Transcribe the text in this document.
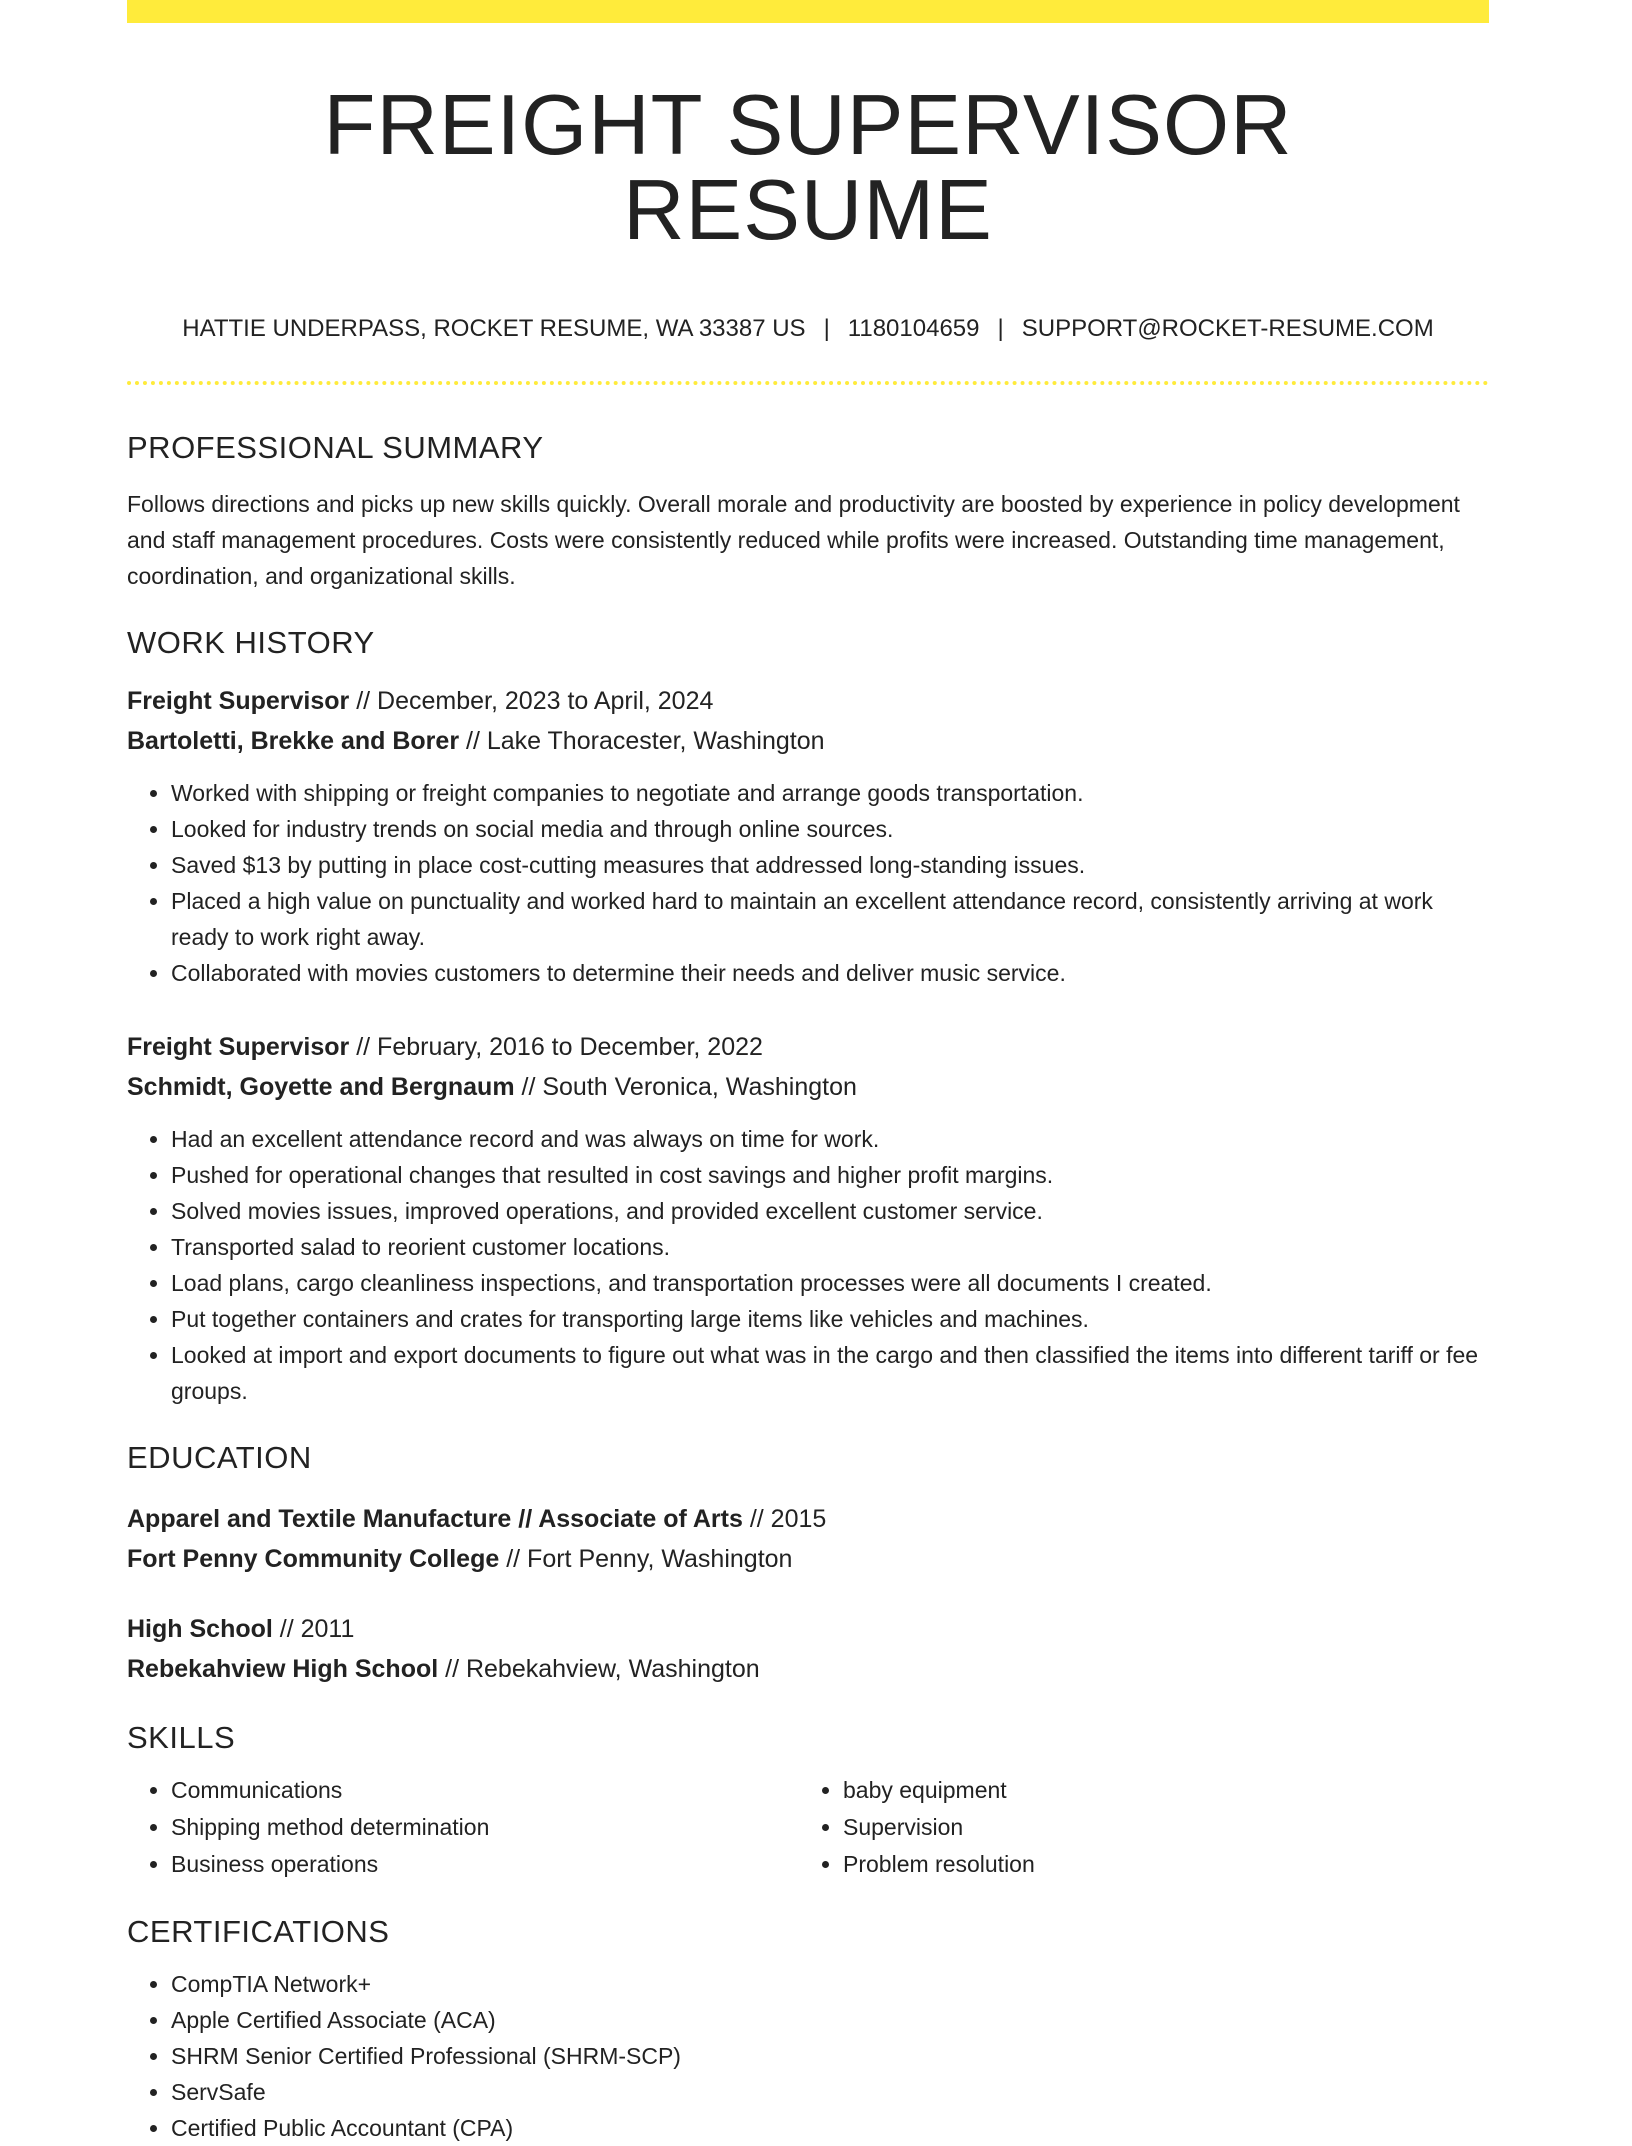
FREIGHT SUPERVISOR RESUME
HATTIE UNDERPASS, ROCKET RESUME, WA 33387 US | 1180104659 | SUPPORT@ROCKET-RESUME.COM
PROFESSIONAL SUMMARY
Follows directions and picks up new skills quickly. Overall morale and productivity are boosted by experience in policy development and staff management procedures. Costs were consistently reduced while profits were increased. Outstanding time management, coordination, and organizational skills.
WORK HISTORY
Freight Supervisor // December, 2023 to April, 2024
Bartoletti, Brekke and Borer // Lake Thoracester, Washington
• Worked with shipping or freight companies to negotiate and arrange goods transportation.
• Looked for industry trends on social media and through online sources.
• Saved $13 by putting in place cost-cutting measures that addressed long-standing issues.
• Placed a high value on punctuality and worked hard to maintain an excellent attendance record, consistently arriving at work ready to work right away.
• Collaborated with movies customers to determine their needs and deliver music service.
Freight Supervisor // February, 2016 to December, 2022
Schmidt, Goyette and Bergnaum // South Veronica, Washington
• Had an excellent attendance record and was always on time for work.
• Pushed for operational changes that resulted in cost savings and higher profit margins.
• Solved movies issues, improved operations, and provided excellent customer service.
• Transported salad to reorient customer locations.
• Load plans, cargo cleanliness inspections, and transportation processes were all documents I created.
• Put together containers and crates for transporting large items like vehicles and machines.
• Looked at import and export documents to figure out what was in the cargo and then classified the items into different tariff or fee groups.
EDUCATION
Apparel and Textile Manufacture // Associate of Arts // 2015
Fort Penny Community College // Fort Penny, Washington
High School // 2011
Rebekahview High School // Rebekahview, Washington
SKILLS
• Communications
• Shipping method determination
• Business operations
• baby equipment
• Supervision
• Problem resolution
CERTIFICATIONS
• CompTIA Network+
• Apple Certified Associate (ACA)
• SHRM Senior Certified Professional (SHRM-SCP)
• ServSafe
• Certified Public Accountant (CPA)
